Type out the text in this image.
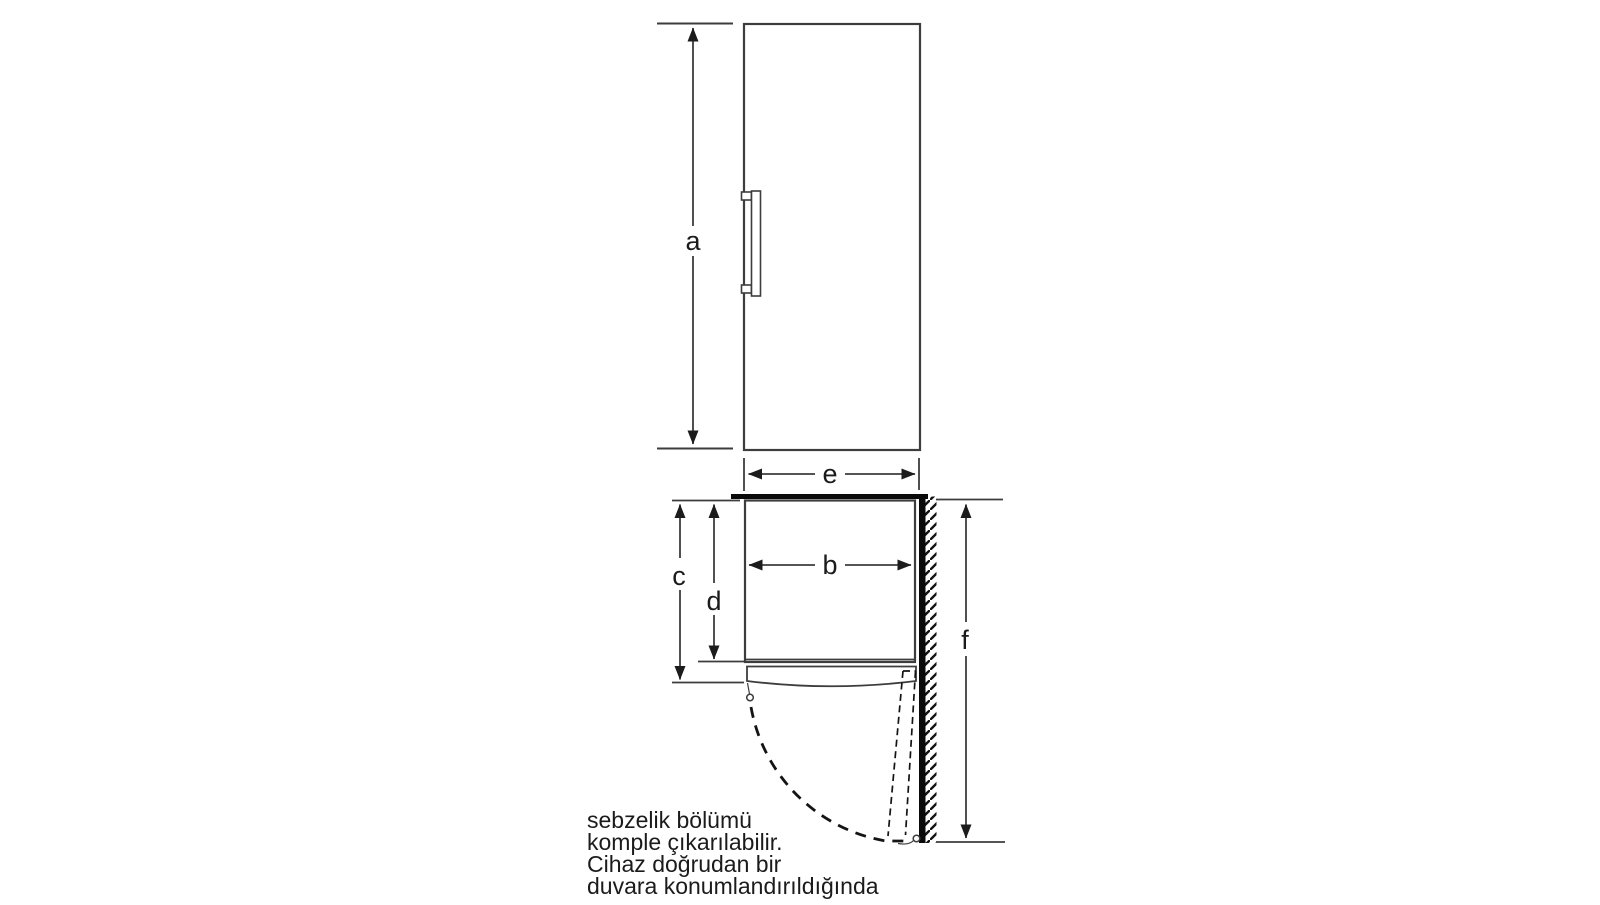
a
e
b
c
d
f
sebzelik bölümü
komple çıkarılabilir.
Cihaz doğrudan bir
duvara konumlandırıldığında
